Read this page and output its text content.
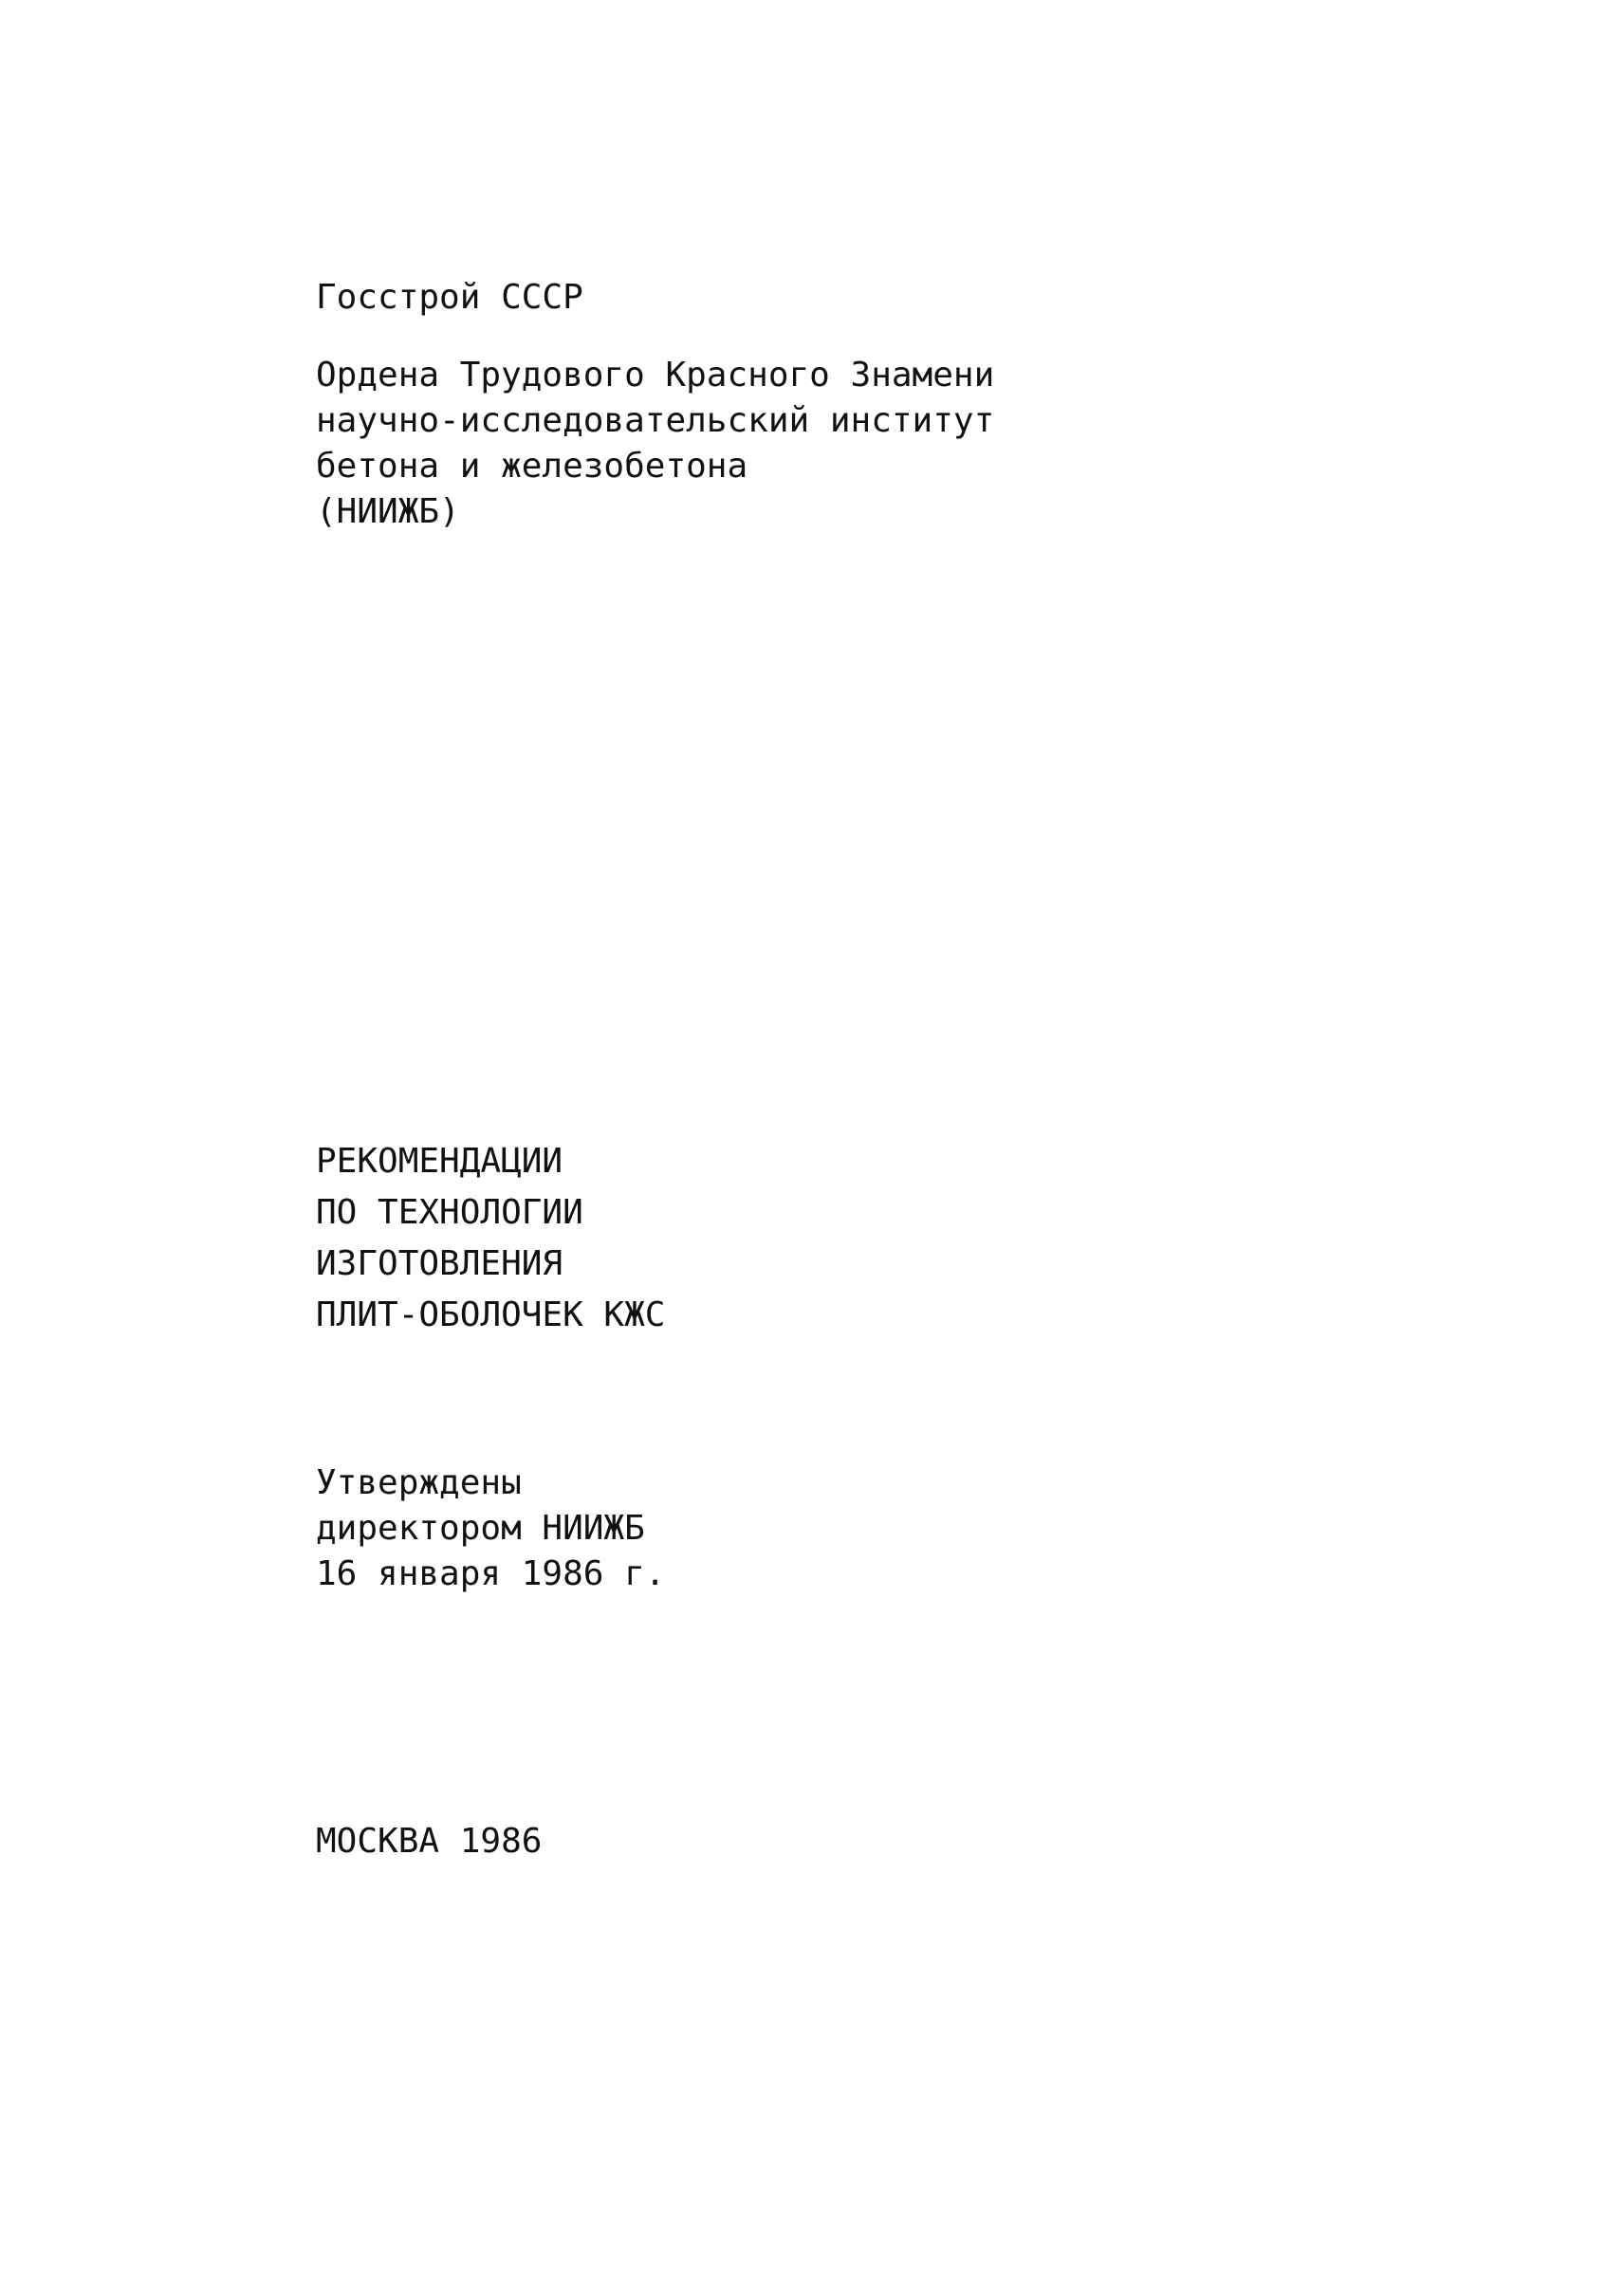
Госстрой СССР
Ордена Трудового Красного Знамени
научно-исследовательский институт
бетона и железобетона
(НИИЖБ)
РЕКОМЕНДАЦИИ
ПО ТЕХНОЛОГИИ
ИЗГОТОВЛЕНИЯ
ПЛИТ-ОБОЛОЧЕК КЖС
Утверждены
директором НИИЖБ
16 января 1986 г.
МОСКВА 1986
